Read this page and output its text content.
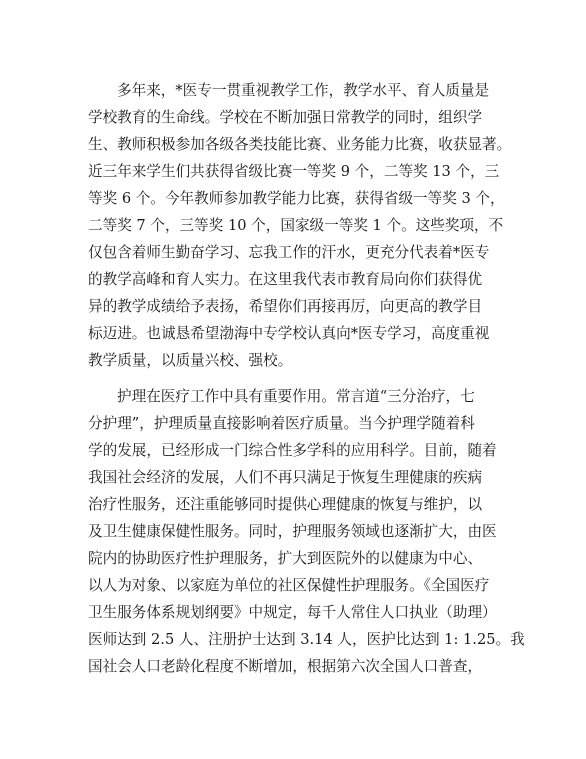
多年来，*医专一贯重视教学工作，教学水平、育人质量是
学校教育的生命线。学校在不断加强日常教学的同时，组织学
生、教师积极参加各级各类技能比赛、业务能力比赛，收获显著。
近三年来学生们共获得省级比赛一等奖 9 个，二等奖 13 个，三
等奖 6 个。今年教师参加教学能力比赛，获得省级一等奖 3 个，
二等奖 7 个，三等奖 10 个，国家级一等奖 1 个。这些奖项，不
仅包含着师生勤奋学习、忘我工作的汗水，更充分代表着*医专
的教学高峰和育人实力。在这里我代表市教育局向你们获得优
异的教学成绩给予表扬，希望你们再接再厉，向更高的教学目
标迈进。也诚恳希望渤海中专学校认真向*医专学习，高度重视
教学质量，以质量兴校、强校。
护理在医疗工作中具有重要作用。常言道“三分治疗，七
分护理”，护理质量直接影响着医疗质量。当今护理学随着科
学的发展，已经形成一门综合性多学科的应用科学。目前，随着
我国社会经济的发展，人们不再只满足于恢复生理健康的疾病
治疗性服务，还注重能够同时提供心理健康的恢复与维护，以
及卫生健康保健性服务。同时，护理服务领域也逐渐扩大，由医
院内的协助医疗性护理服务，扩大到医院外的以健康为中心、
以人为对象、以家庭为单位的社区保健性护理服务。《全国医疗
卫生服务体系规划纲要》中规定，每千人常住人口执业（助理）
医师达到 2.5 人、注册护士达到 3.14 人，医护比达到 1: 1.25。我
国社会人口老龄化程度不断增加，根据第六次全国人口普查，
